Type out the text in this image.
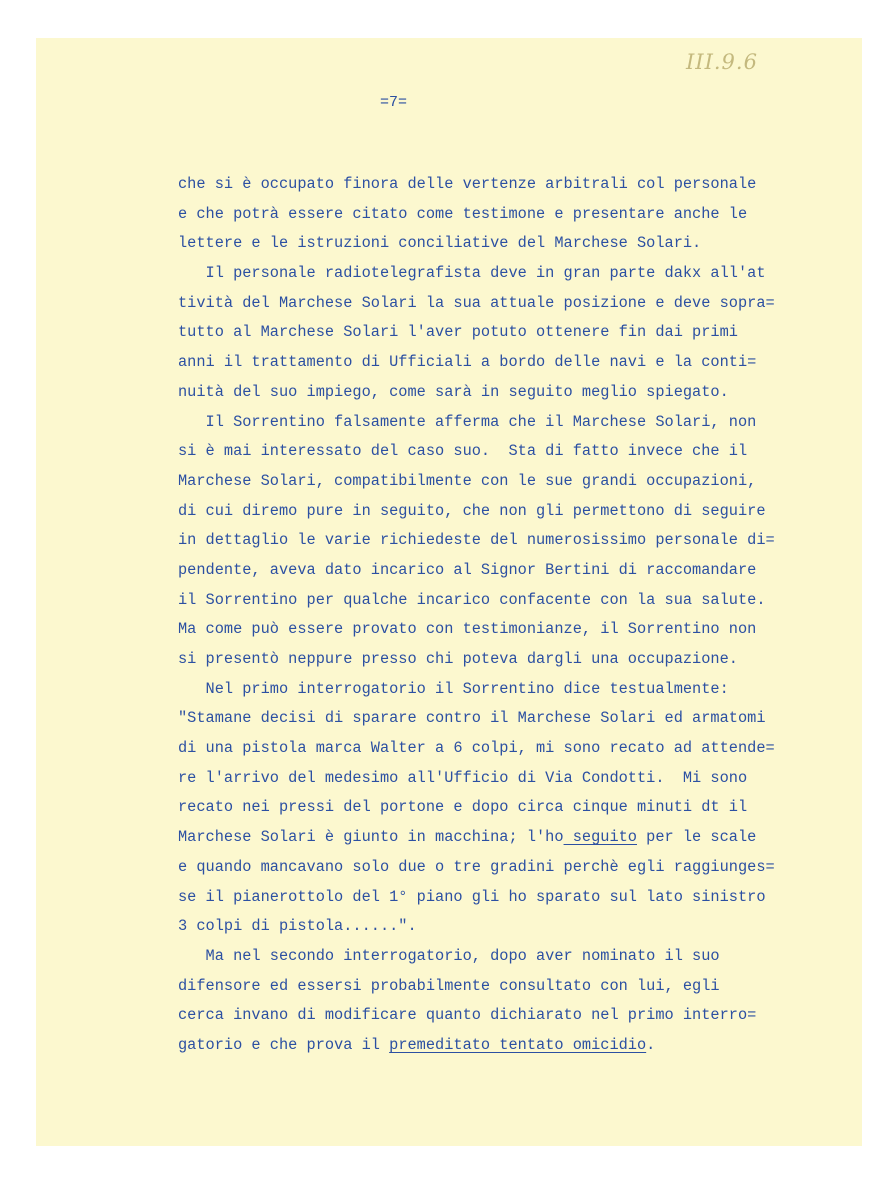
III.9.6
=7=
che si è occupato finora delle vertenze arbitrali col personale
e che potrà essere citato come testimone e presentare anche le
lettere e le istruzioni conciliative del Marchese Solari.
Il personale radiotelegrafista deve in gran parte dakx all'at
tività del Marchese Solari la sua attuale posizione e deve sopra=
tutto al Marchese Solari l'aver potuto ottenere fin dai primi
anni il trattamento di Ufficiali a bordo delle navi e la conti=
nuità del suo impiego, come sarà in seguito meglio spiegato.
Il Sorrentino falsamente afferma che il Marchese Solari, non
si è mai interessato del caso suo.  Sta di fatto invece che il
Marchese Solari, compatibilmente con le sue grandi occupazioni,
di cui diremo pure in seguito, che non gli permettono di seguire
in dettaglio le varie richiedeste del numerosissimo personale di=
pendente, aveva dato incarico al Signor Bertini di raccomandare
il Sorrentino per qualche incarico confacente con la sua salute.
Ma come può essere provato con testimonianze, il Sorrentino non
si presentò neppure presso chi poteva dargli una occupazione.
Nel primo interrogatorio il Sorrentino dice testualmente:
"Stamane decisi di sparare contro il Marchese Solari ed armatomi
di una pistola marca Walter a 6 colpi, mi sono recato ad attende=
re l'arrivo del medesimo all'Ufficio di Via Condotti.  Mi sono
recato nei pressi del portone e dopo circa cinque minuti dt il
Marchese Solari è giunto in macchina; l'ho seguito per le scale
e quando mancavano solo due o tre gradini perchè egli raggiunges=
se il pianerottolo del 1° piano gli ho sparato sul lato sinistro
3 colpi di pistola......".
Ma nel secondo interrogatorio, dopo aver nominato il suo
difensore ed essersi probabilmente consultato con lui, egli
cerca invano di modificare quanto dichiarato nel primo interro=
gatorio e che prova il premeditato tentato omicidio.
